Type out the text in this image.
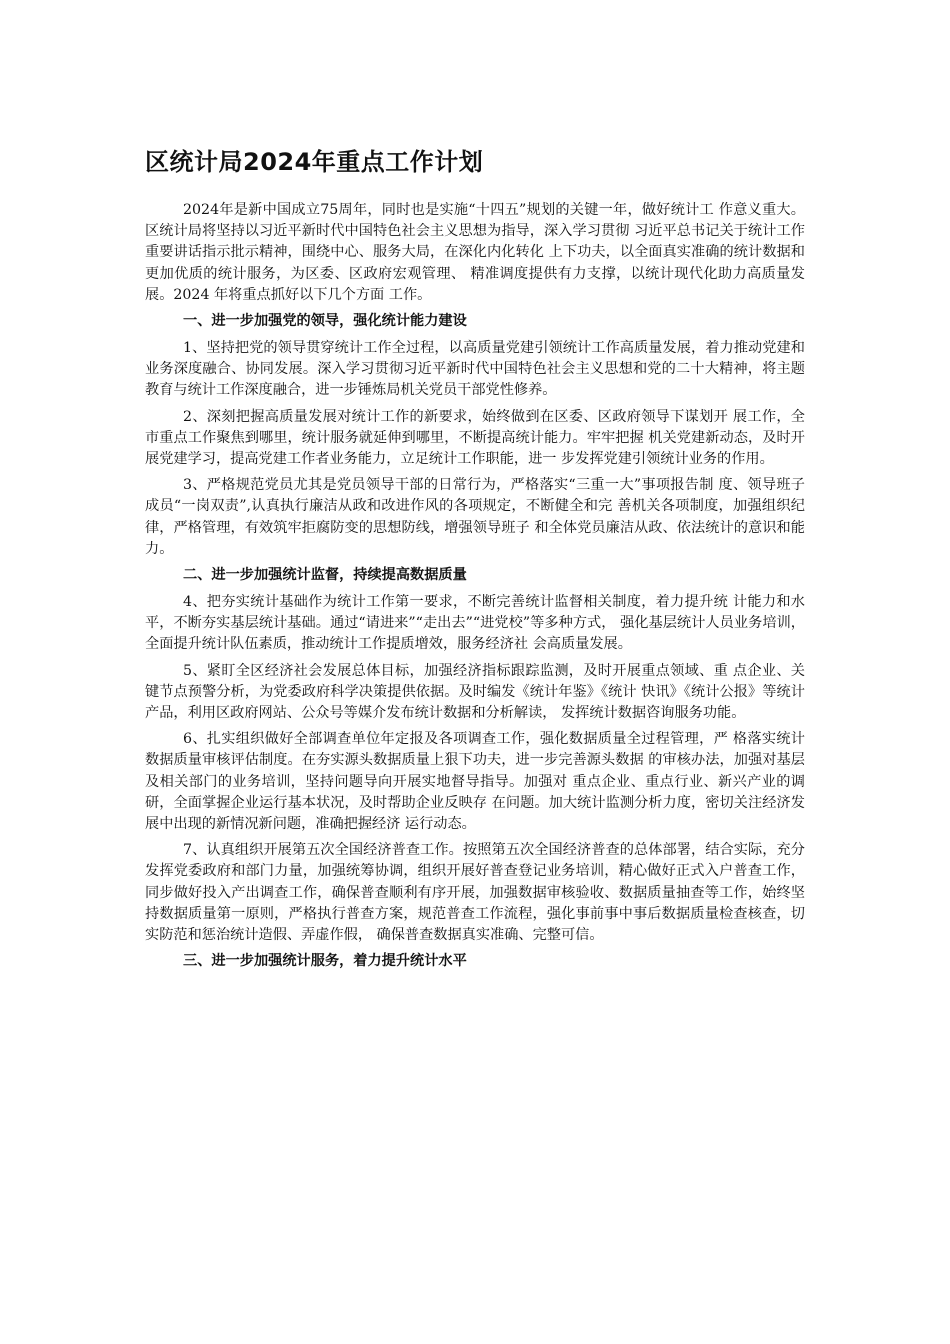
区统计局2024年重点工作计划

2024年是新中国成立75周年，同时也是实施“十四五”规划的关键一年，做好统计工 作意义重大。区统计局将坚持以习近平新时代中国特色社会主义思想为指导，深入学习贯彻 习近平总书记关于统计工作重要讲话指示批示精神，围绕中心、服务大局，在深化内化转化 上下功夫，以全面真实准确的统计数据和更加优质的统计服务，为区委、区政府宏观管理、 精准调度提供有力支撑，以统计现代化助力高质量发展。2024 年将重点抓好以下几个方面 工作。

一、进一步加强党的领导，强化统计能力建设

1、坚持把党的领导贯穿统计工作全过程，以高质量党建引领统计工作高质量发展，着力推动党建和业务深度融合、协同发展。深入学习贯彻习近平新时代中国特色社会主义思想和党的二十大精神，将主题教育与统计工作深度融合，进一步锤炼局机关党员干部党性修养。

2、深刻把握高质量发展对统计工作的新要求，始终做到在区委、区政府领导下谋划开 展工作，全市重点工作聚焦到哪里，统计服务就延伸到哪里，不断提高统计能力。牢牢把握 机关党建新动态，及时开展党建学习，提高党建工作者业务能力，立足统计工作职能，进一 步发挥党建引领统计业务的作用。

3、严格规范党员尤其是党员领导干部的日常行为，严格落实“三重一大”事项报告制 度、领导班子成员“一岗双责”,认真执行廉洁从政和改进作风的各项规定，不断健全和完 善机关各项制度，加强组织纪律，严格管理，有效筑牢拒腐防变的思想防线，增强领导班子 和全体党员廉洁从政、依法统计的意识和能力。

二、进一步加强统计监督，持续提高数据质量

4、把夯实统计基础作为统计工作第一要求，不断完善统计监督相关制度，着力提升统 计能力和水平，不断夯实基层统计基础。通过“请进来”“走出去”“进党校”等多种方式， 强化基层统计人员业务培训，全面提升统计队伍素质，推动统计工作提质增效，服务经济社 会高质量发展。

5、紧盯全区经济社会发展总体目标，加强经济指标跟踪监测，及时开展重点领域、重 点企业、关键节点预警分析，为党委政府科学决策提供依据。及时编发《统计年鉴》《统计 快讯》《统计公报》等统计产品，利用区政府网站、公众号等媒介发布统计数据和分析解读， 发挥统计数据咨询服务功能。

6、扎实组织做好全部调查单位年定报及各项调查工作，强化数据质量全过程管理，严 格落实统计数据质量审核评估制度。在夯实源头数据质量上狠下功夫，进一步完善源头数据 的审核办法，加强对基层及相关部门的业务培训，坚持问题导向开展实地督导指导。加强对 重点企业、重点行业、新兴产业的调研，全面掌握企业运行基本状况，及时帮助企业反映存 在问题。加大统计监测分析力度，密切关注经济发展中出现的新情况新问题，准确把握经济 运行动态。

7、认真组织开展第五次全国经济普查工作。按照第五次全国经济普查的总体部署，结合实际，充分发挥党委政府和部门力量，加强统筹协调，组织开展好普查登记业务培训，精心做好正式入户普查工作，同步做好投入产出调查工作，确保普查顺利有序开展，加强数据审核验收、数据质量抽查等工作，始终坚持数据质量第一原则，严格执行普查方案，规范普查工作流程，强化事前事中事后数据质量检查核查，切实防范和惩治统计造假、弄虚作假， 确保普查数据真实准确、完整可信。

三、进一步加强统计服务，着力提升统计水平
